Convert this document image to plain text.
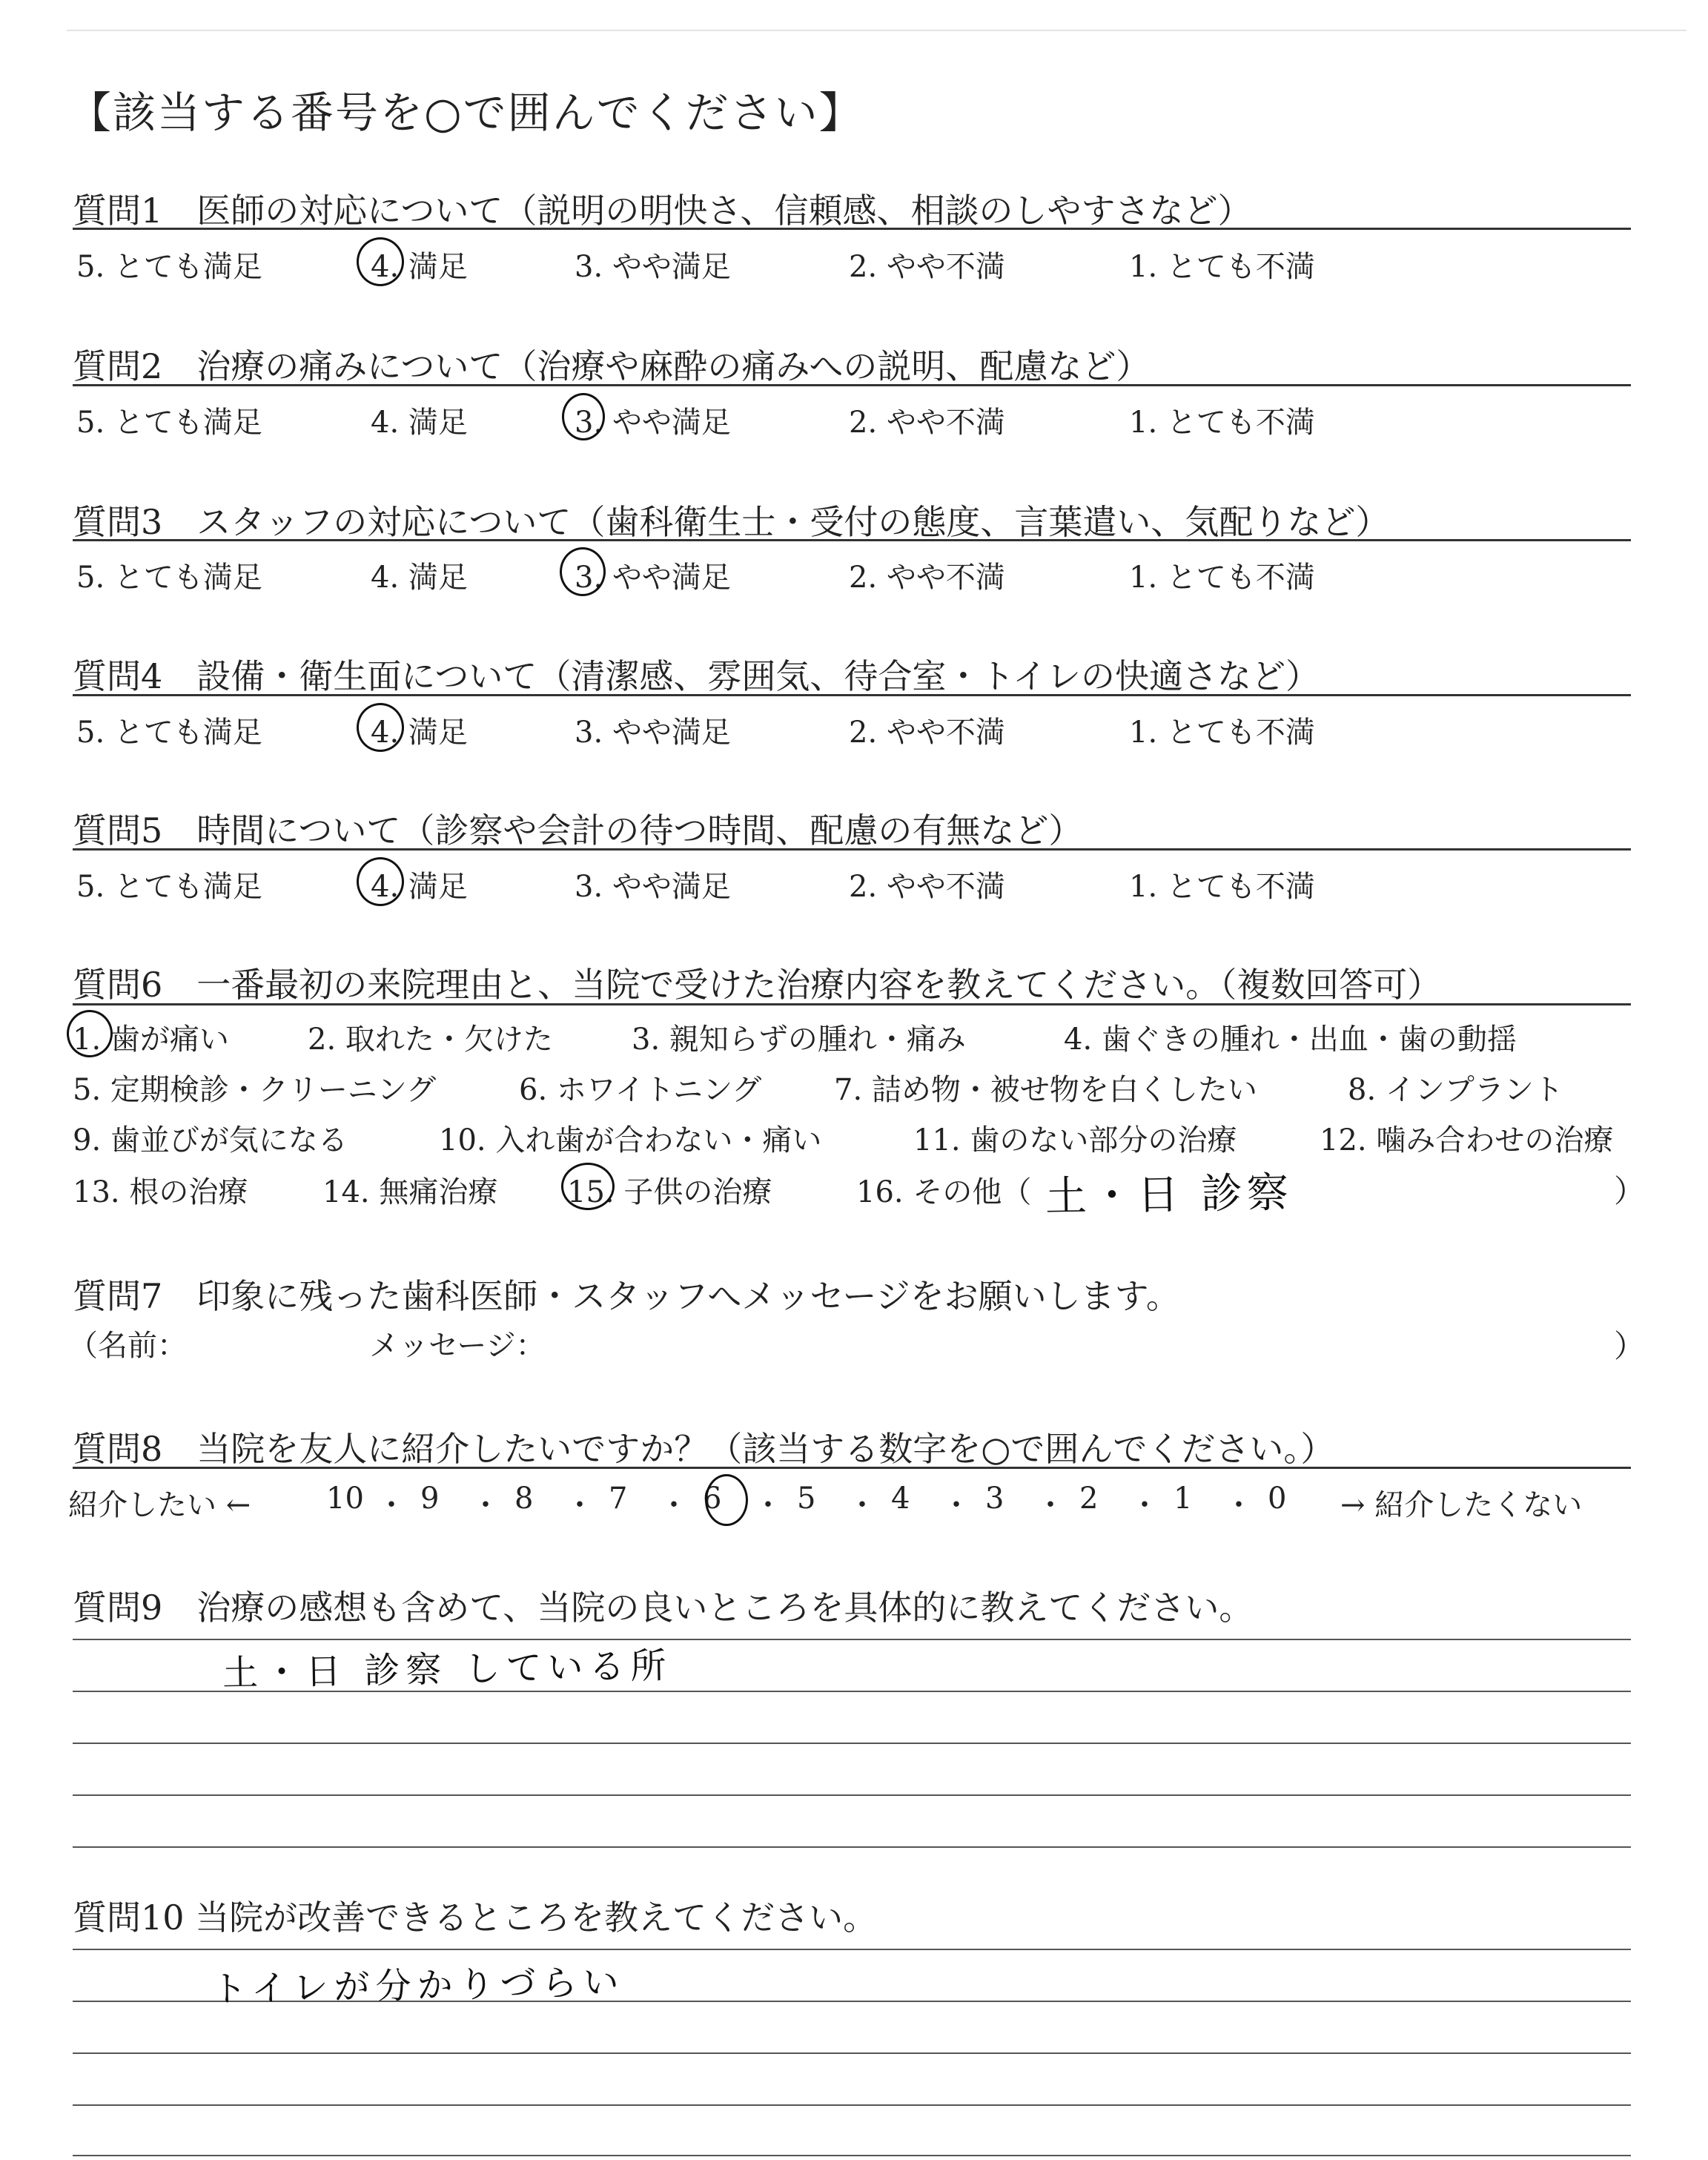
【該当する番号を○で囲んでください】
質問1　医師の対応について（説明の明快さ、信頼感、相談のしやすさなど）
5. とても満足	4. 満足	3. やや満足	2. やや不満	1. とても不満
質問2　治療の痛みについて（治療や麻酔の痛みへの説明、配慮など）
5. とても満足	4. 満足	3. やや満足	2. やや不満	1. とても不満
質問3　スタッフの対応について（歯科衛生士・受付の態度、言葉遣い、気配りなど）
5. とても満足	4. 満足	3. やや満足	2. やや不満	1. とても不満
質問4　設備・衛生面について（清潔感、雰囲気、待合室・トイレの快適さなど）
5. とても満足	4. 満足	3. やや満足	2. やや不満	1. とても不満
質問5　時間について（診察や会計の待つ時間、配慮の有無など）
5. とても満足	4. 満足	3. やや満足	2. やや不満	1. とても不満
質問6　一番最初の来院理由と、当院で受けた治療内容を教えてください。（複数回答可）
1. 歯が痛い	2. 取れた・欠けた	3. 親知らずの腫れ・痛み	4. 歯ぐきの腫れ・出血・歯の動揺
5. 定期検診・クリーニング	6. ホワイトニング 7. 詰め物・被せ物を白くしたい	8. インプラント
9. 歯並びが気になる	10. 入れ歯が合わない・痛い	11. 歯のない部分の治療	12. 噛み合わせの治療
13. 根の治療	14. 無痛治療 15. 子供の治療	16. その他（	）
土・日 診察
質問7　印象に残った歯科医師・スタッフへメッセージをお願いします。
（名前：	メッセージ：	）
質問8　当院を友人に紹介したいですか？（該当する数字を○で囲んでください。）
紹介したい ←	10 ・ 9 ・ 8 ・ 7 ・ 6 ・ 5 ・ 4 ・ 3 ・ 2 ・ 1 ・ 0 → 紹介したくない
質問9　治療の感想も含めて、当院の良いところを具体的に教えてください。
土・日 診察 している所
質問10 当院が改善できるところを教えてください。
トイレが分かりづらい
